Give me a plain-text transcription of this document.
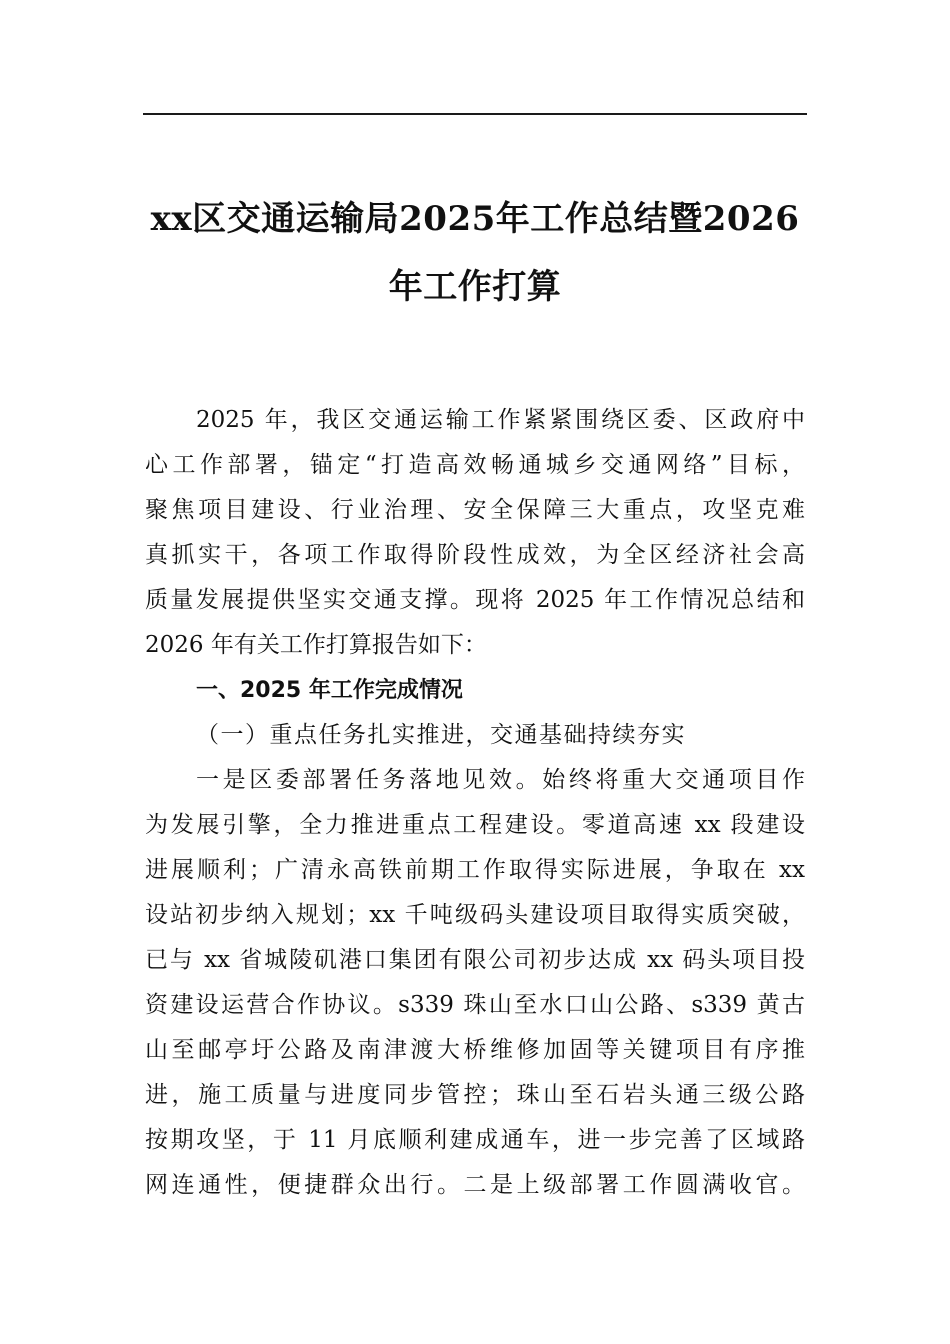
xx区交通运输局2025年工作总结暨2026
年工作打算
2025 年，我区交通运输工作紧紧围绕区委、区政府中
心工作部署，锚定“打造高效畅通城乡交通网络”目标，
聚焦项目建设、行业治理、安全保障三大重点，攻坚克难
真抓实干，各项工作取得阶段性成效，为全区经济社会高
质量发展提供坚实交通支撑。现将 2025 年工作情况总结和
2026 年有关工作打算报告如下：
一、2025 年工作完成情况
（一）重点任务扎实推进，交通基础持续夯实
一是区委部署任务落地见效。始终将重大交通项目作
为发展引擎，全力推进重点工程建设。零道高速 xx 段建设
进展顺利；广清永高铁前期工作取得实际进展，争取在 xx
设站初步纳入规划；xx 千吨级码头建设项目取得实质突破，
已与 xx 省城陵矶港口集团有限公司初步达成 xx 码头项目投
资建设运营合作协议。s339 珠山至水口山公路、s339 黄古
山至邮亭圩公路及南津渡大桥维修加固等关键项目有序推
进，施工质量与进度同步管控；珠山至石岩头通三级公路
按期攻坚，于 11 月底顺利建成通车，进一步完善了区域路
网连通性，便捷群众出行。二是上级部署工作圆满收官。
